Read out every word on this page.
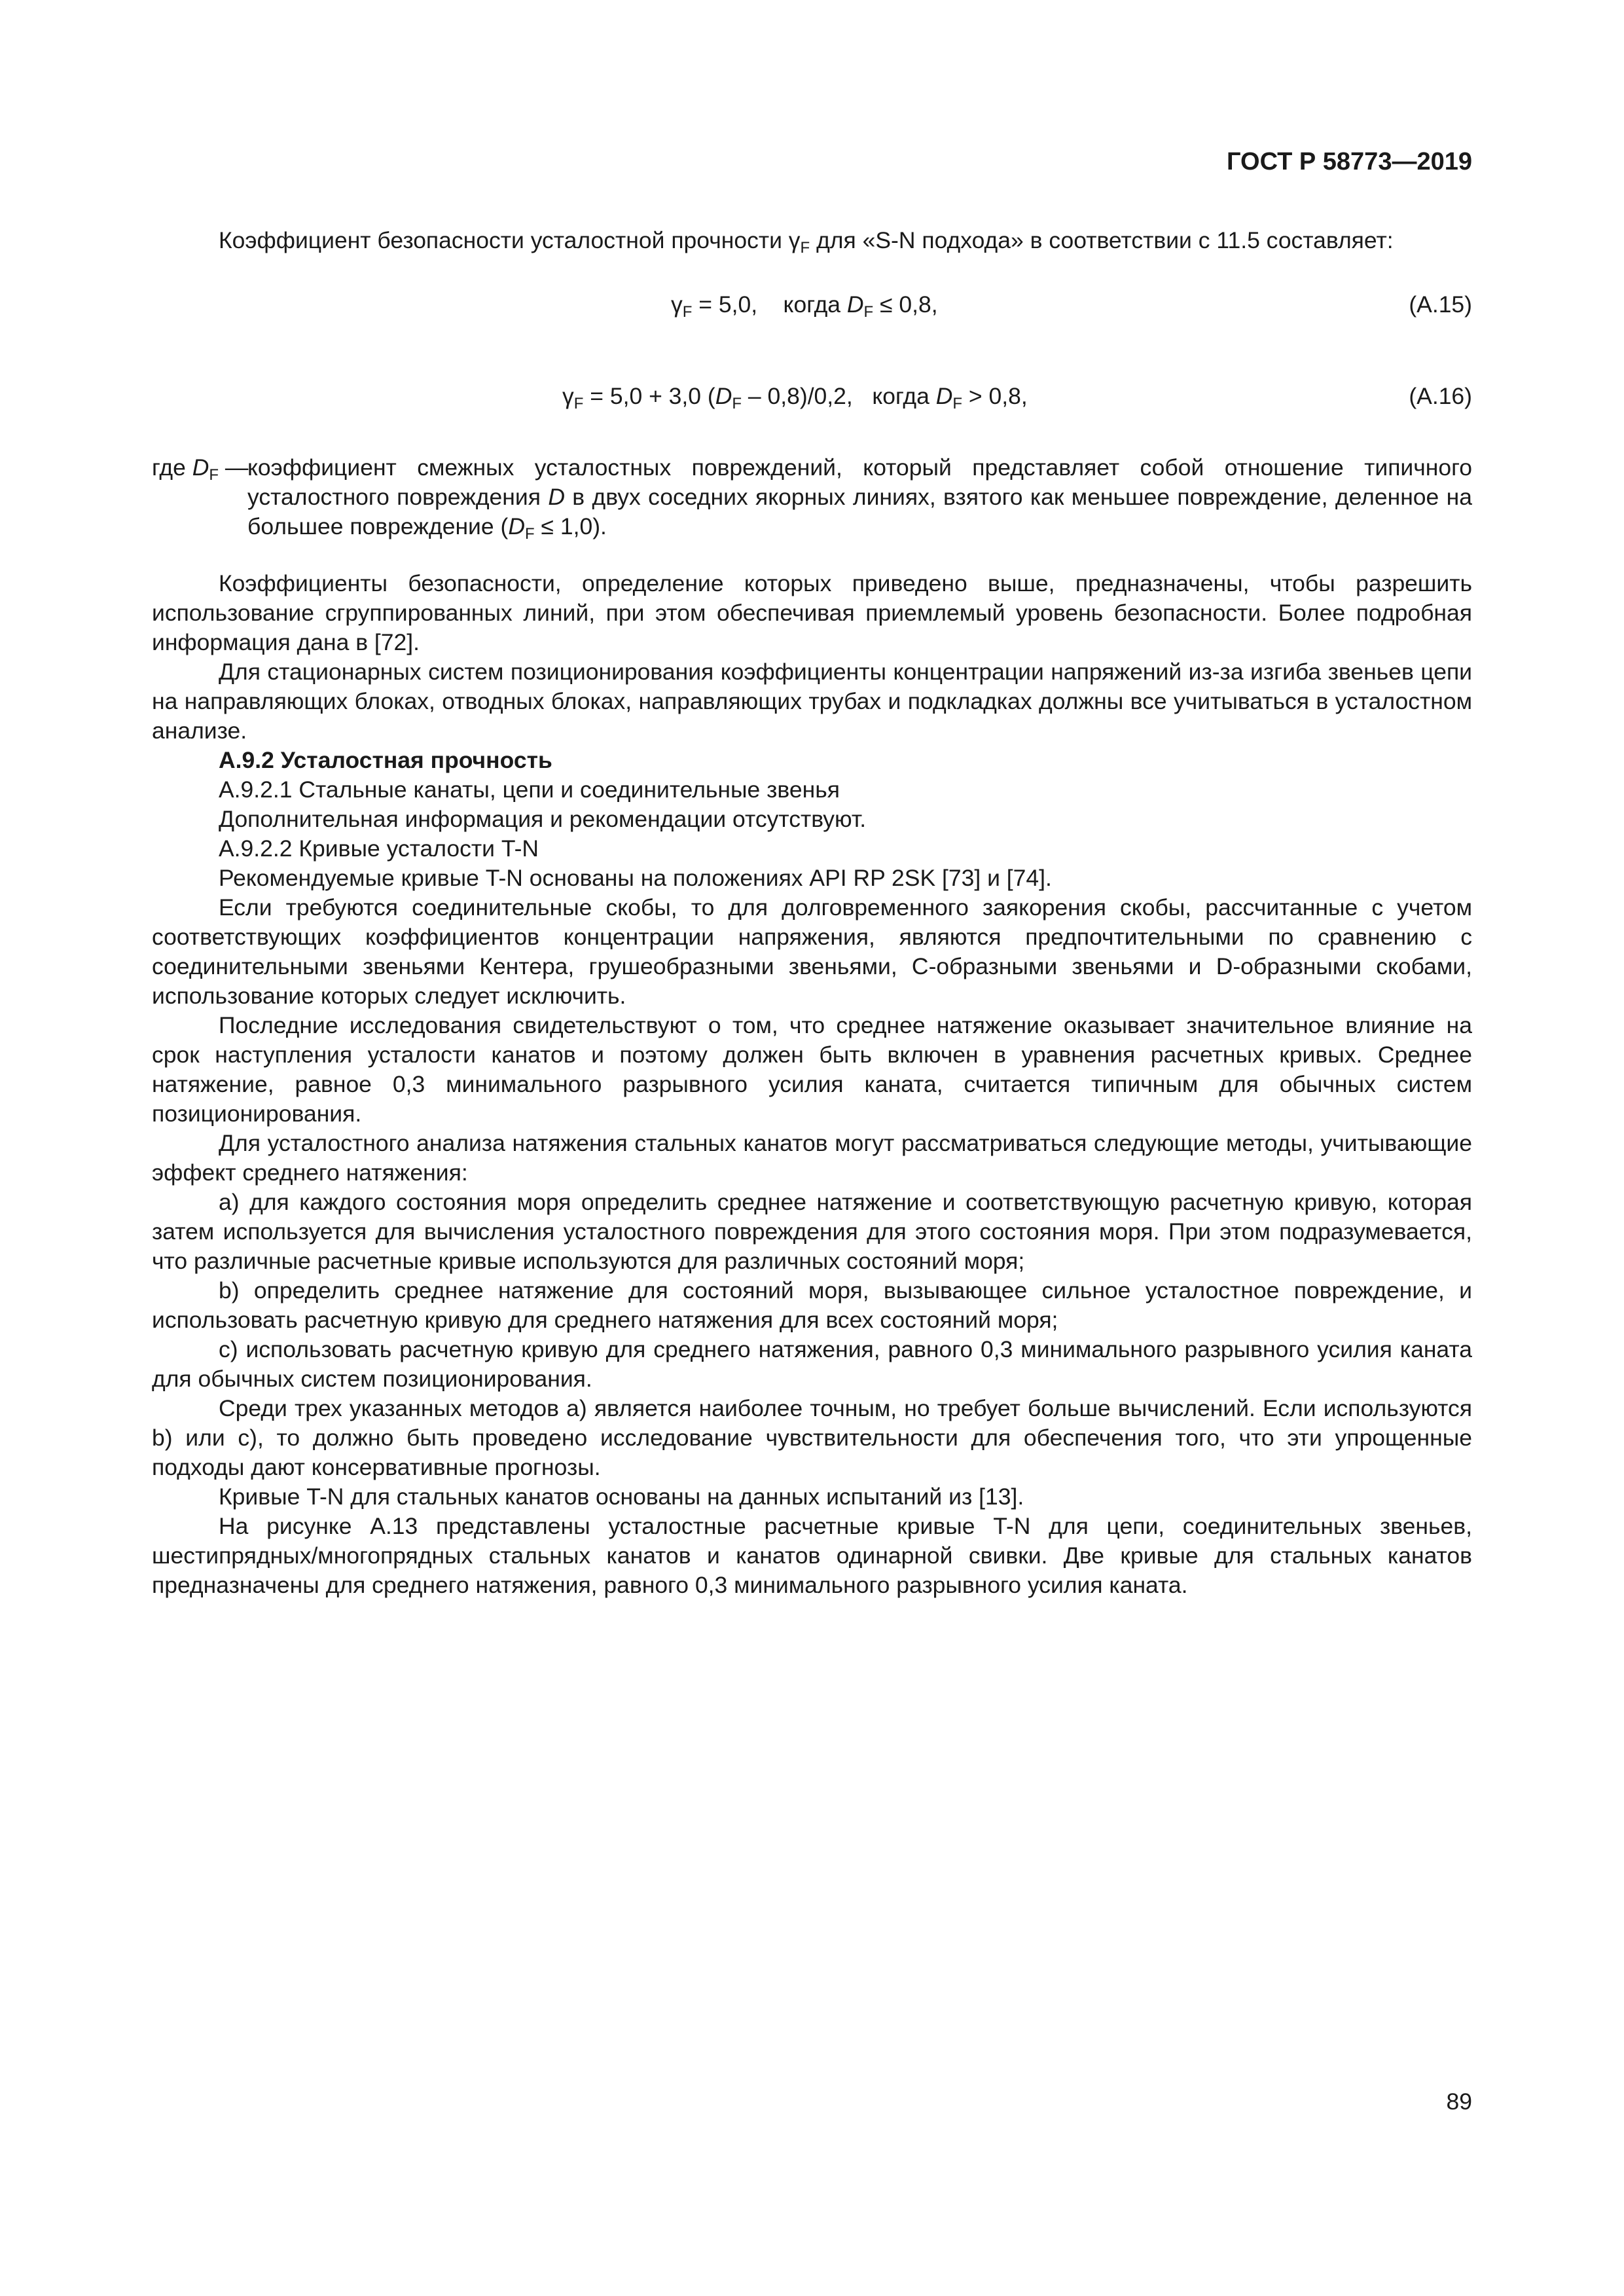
ГОСТ Р 58773—2019

Коэффициент безопасности усталостной прочности $\gamma_F$ для «S-N подхода» в соответствии с 11.5 составляет:

$\gamma_F = 5,0$,    когда $D_F \le 0,8$,	(А.15)
$\gamma_F = 5,0 + 3,0$ $(D_F - 0,8)/0,2$,   когда $D_F > 0,8$,	(А.16)
где $D_F$ —
коэффициент смежных усталостных повреждений, который представляет собой отношение типичного усталостного повреждения D в двух соседних якорных линиях, взятого как меньшее повреждение, деленное на большее повреждение $(D_F \le 1,0)$.

Коэффициенты безопасности, определение которых приведено выше, предназначены, чтобы разрешить использование сгруппированных линий, при этом обеспечивая приемлемый уровень безопасности. Более подробная информация дана в [72].

Для стационарных систем позиционирования коэффициенты концентрации напряжений из-за изгиба звеньев цепи на направляющих блоках, отводных блоках, направляющих трубах и подкладках должны все учитываться в усталостном анализе.

А.9.2 Усталостная прочность

А.9.2.1 Стальные канаты, цепи и соединительные звенья

Дополнительная информация и рекомендации отсутствуют.

А.9.2.2 Кривые усталости T-N

Рекомендуемые кривые T-N основаны на положениях API RP 2SK [73] и [74].

Если требуются соединительные скобы, то для долговременного заякорения скобы, рассчитанные с учетом соответствующих коэффициентов концентрации напряжения, являются предпочтительными по сравнению с соединительными звеньями Кентера, грушеобразными звеньями, С-образными звеньями и D-образными скобами, использование которых следует исключить.

Последние исследования свидетельствуют о том, что среднее натяжение оказывает значительное влияние на срок наступления усталости канатов и поэтому должен быть включен в уравнения расчетных кривых. Среднее натяжение, равное 0,3 минимального разрывного усилия каната, считается типичным для обычных систем позиционирования.

Для усталостного анализа натяжения стальных канатов могут рассматриваться следующие методы, учитывающие эффект среднего натяжения:

a) для каждого состояния моря определить среднее натяжение и соответствующую расчетную кривую, которая затем используется для вычисления усталостного повреждения для этого состояния моря. При этом подразумевается, что различные расчетные кривые используются для различных состояний моря;

b) определить среднее натяжение для состояний моря, вызывающее сильное усталостное повреждение, и использовать расчетную кривую для среднего натяжения для всех состояний моря;

c) использовать расчетную кривую для среднего натяжения, равного 0,3 минимального разрывного усилия каната для обычных систем позиционирования.

Среди трех указанных методов а) является наиболее точным, но требует больше вычислений. Если используются b) или с), то должно быть проведено исследование чувствительности для обеспечения того, что эти упрощенные подходы дают консервативные прогнозы.

Кривые T-N для стальных канатов основаны на данных испытаний из [13].

На рисунке А.13 представлены усталостные расчетные кривые T-N для цепи, соединительных звеньев, шестипрядных/многопрядных стальных канатов и канатов одинарной свивки. Две кривые для стальных канатов предназначены для среднего натяжения, равного 0,3 минимального разрывного усилия каната.

89
